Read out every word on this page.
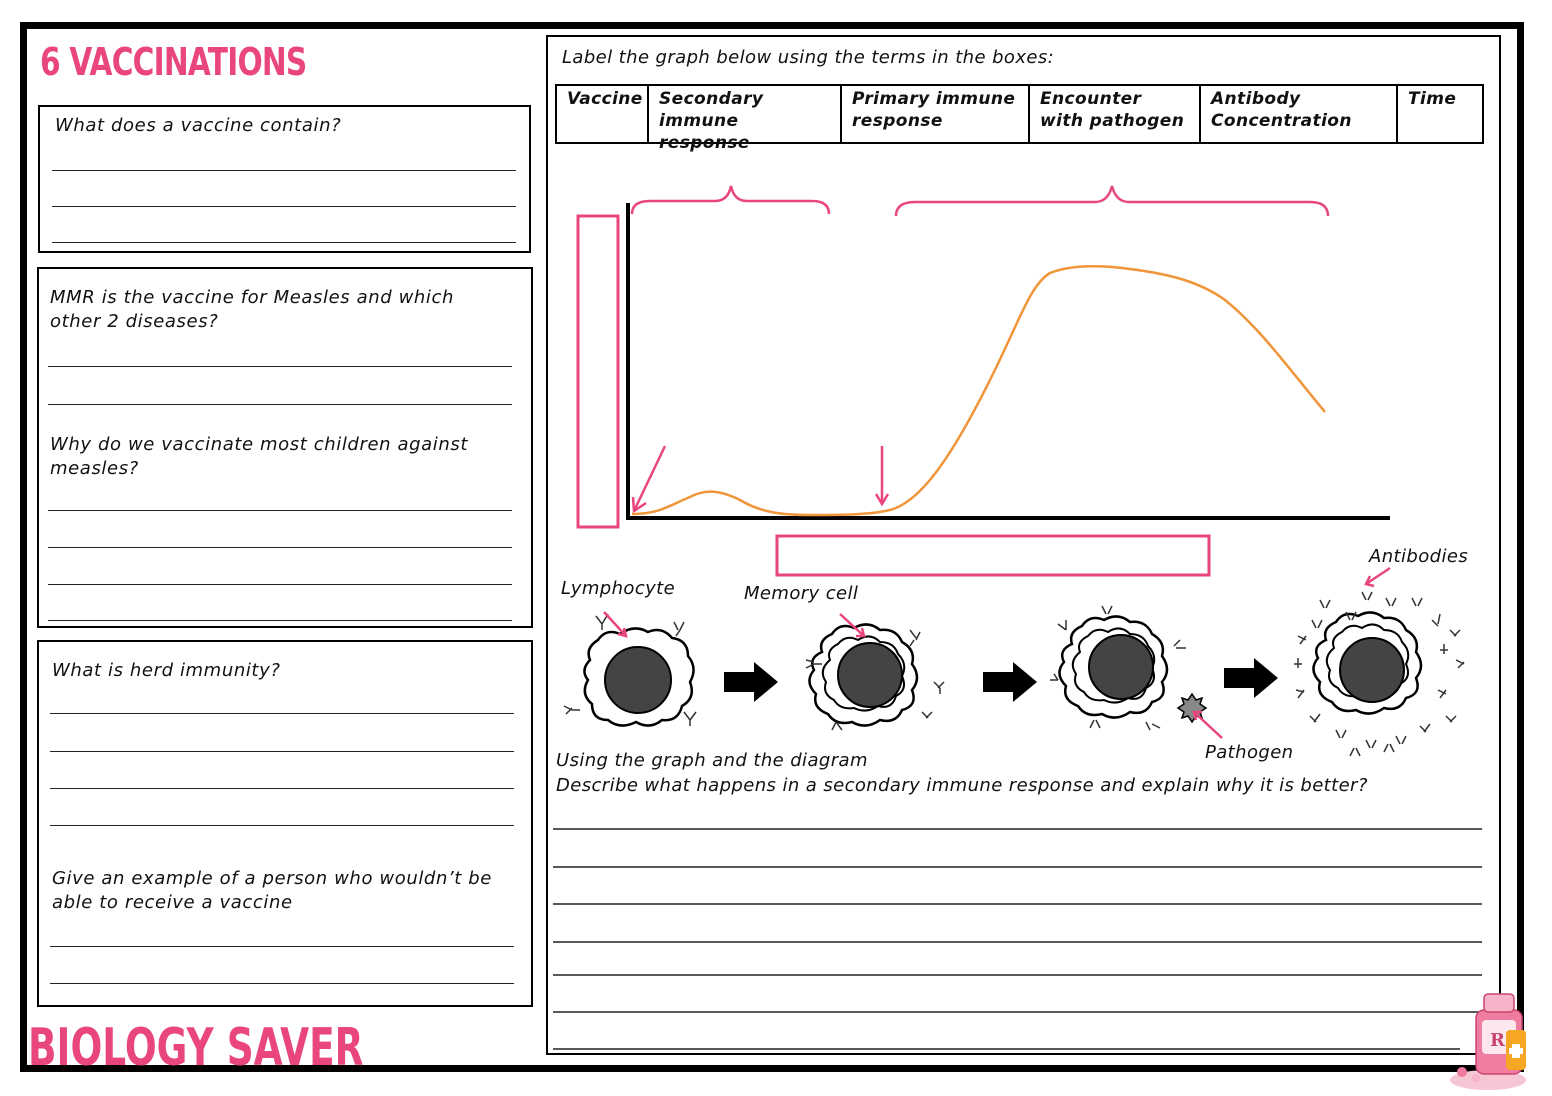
6 VACCINATIONS
What does a vaccine contain?
MMR is the vaccine for Measles and which other 2 diseases?
Why do we vaccinate most children against measles?
What is herd immunity?
Give an example of a person who wouldn’t be able to receive a vaccine
BIOLOGY SAVER
Label the graph below using the terms in the boxes:
Vaccine Secondary immune response
Primary immune response
Encounter with pathogen
Antibody Concentration
Time
R
Lymphocyte	Memory cell
Antibodies
Pathogen
Using the graph and the diagram
Describe what happens in a secondary immune response and explain why it is better?
